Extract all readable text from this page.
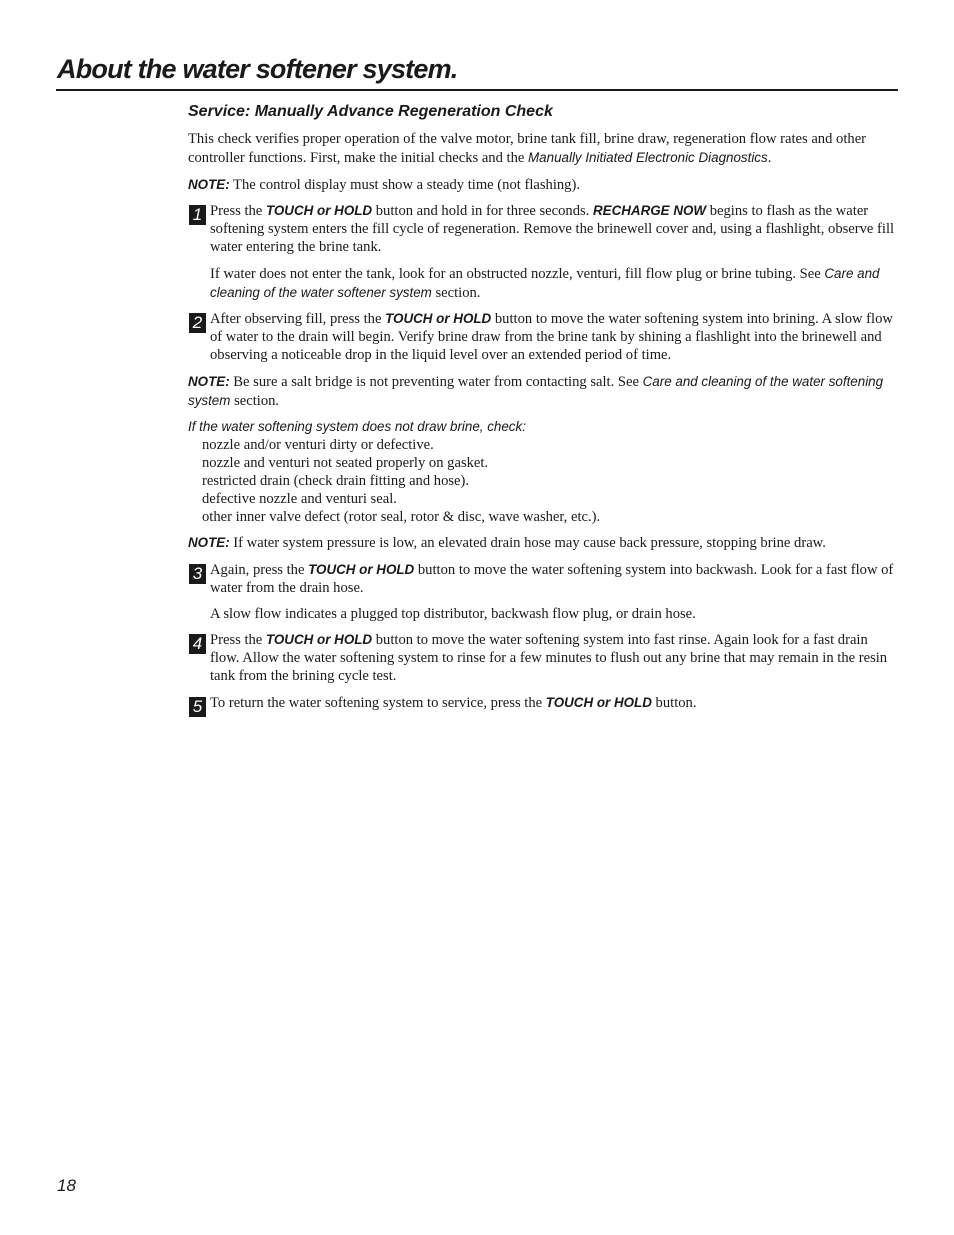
About the water softener system.
Service: Manually Advance Regeneration Check

This check verifies proper operation of the valve motor, brine tank fill, brine draw, regeneration flow rates and other controller functions. First, make the initial checks and the Manually Initiated Electronic Diagnostics.

NOTE: The control display must show a steady time (not flashing).

1 Press the TOUCH or HOLD button and hold in for three seconds. RECHARGE NOW begins to flash as the water softening system enters the fill cycle of regeneration. Remove the brinewell cover and, using a flashlight, observe fill water entering the brine tank.

If water does not enter the tank, look for an obstructed nozzle, venturi, fill flow plug or brine tubing. See Care and cleaning of the water softener system section.

2 After observing fill, press the TOUCH or HOLD button to move the water softening system into brining. A slow flow of water to the drain will begin. Verify brine draw from the brine tank by shining a flashlight into the brinewell and observing a noticeable drop in the liquid level over an extended period of time.

NOTE: Be sure a salt bridge is not preventing water from contacting salt. See Care and cleaning of the water softening system section.

If the water softening system does not draw brine, check:

nozzle and/or venturi dirty or defective.
nozzle and venturi not seated properly on gasket.
restricted drain (check drain fitting and hose).
defective nozzle and venturi seal.
other inner valve defect (rotor seal, rotor & disc, wave washer, etc.).

NOTE: If water system pressure is low, an elevated drain hose may cause back pressure, stopping brine draw.

3 Again, press the TOUCH or HOLD button to move the water softening system into backwash. Look for a fast flow of water from the drain hose.

A slow flow indicates a plugged top distributor, backwash flow plug, or drain hose.

4 Press the TOUCH or HOLD button to move the water softening system into fast rinse. Again look for a fast drain flow. Allow the water softening system to rinse for a few minutes to flush out any brine that may remain in the resin tank from the brining cycle test.

5 To return the water softening system to service, press the TOUCH or HOLD button.

18
